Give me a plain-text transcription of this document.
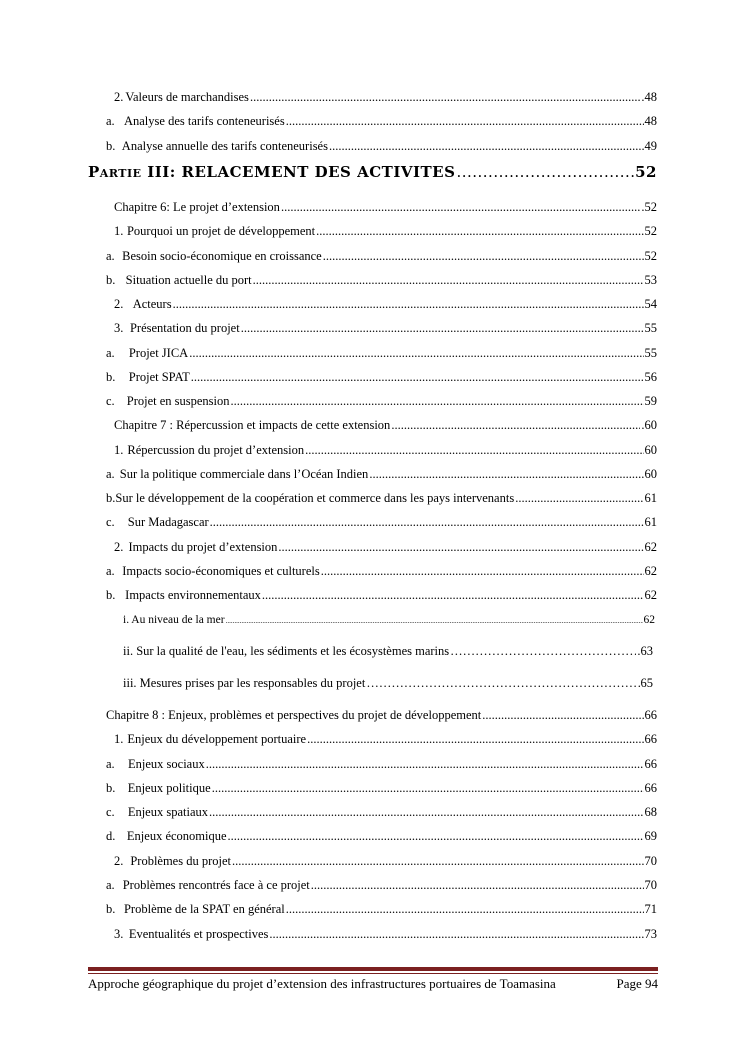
2. Valeurs de marchandises .....	.48
a. Analyse des tarifs conteneurisés .....	48
b. Analyse annuelle des tarifs conteneurisés .....	49
Partie III: RELACEMENT DES ACTIVITES .....	52
Chapitre 6: Le projet d’extension .....	.52
1. Pourquoi un projet de développement .....	52
a. Besoin socio-économique en croissance .....	52
b. Situation actuelle du port .....	53
2. Acteurs .....	54
3. Présentation du projet .....	55
a.	Projet JICA .....	55
b.	Projet SPAT .....	56
c. Projet en suspension .....	59
Chapitre 7 : Répercussion et impacts de cette extension .....	.60
1. Répercussion du projet d’extension .....	60
a. Sur la politique commerciale dans l’Océan Indien .....	60
b. Sur le développement de la coopération et commerce dans les pays intervenants .....	61
c.	Sur Madagascar .....	61
2. Impacts du projet d’extension .....	62
a. Impacts socio-économiques et culturels .....	62
b. Impacts environnementaux .....	62
i. Au niveau de la mer .....	62
ii. Sur la qualité de l'eau, les sédiments et les écosystèmes marins …………………………………………………………………………………………………………………………………………………………………………………	.63
iii. Mesures prises par les responsables du projet …………………………………………………………………………………………………………………………………………………………………………………	65
Chapitre 8 : Enjeux, problèmes et perspectives du projet de développement .....	66
1. Enjeux du développement portuaire .....	66
a.	Enjeux sociaux .....	66
b. Enjeux politique .....	66
c.	Enjeux spatiaux .....	68
d. Enjeux économique .....	69
2. Problèmes du projet .....	70
a. Problèmes rencontrés face à ce projet .....	70
b. Problème de la SPAT en général .....	71
3. Eventualités et prospectives .....	73
Approche géographique du projet d’extension des infrastructures portuaires de Toamasina	Page 94
